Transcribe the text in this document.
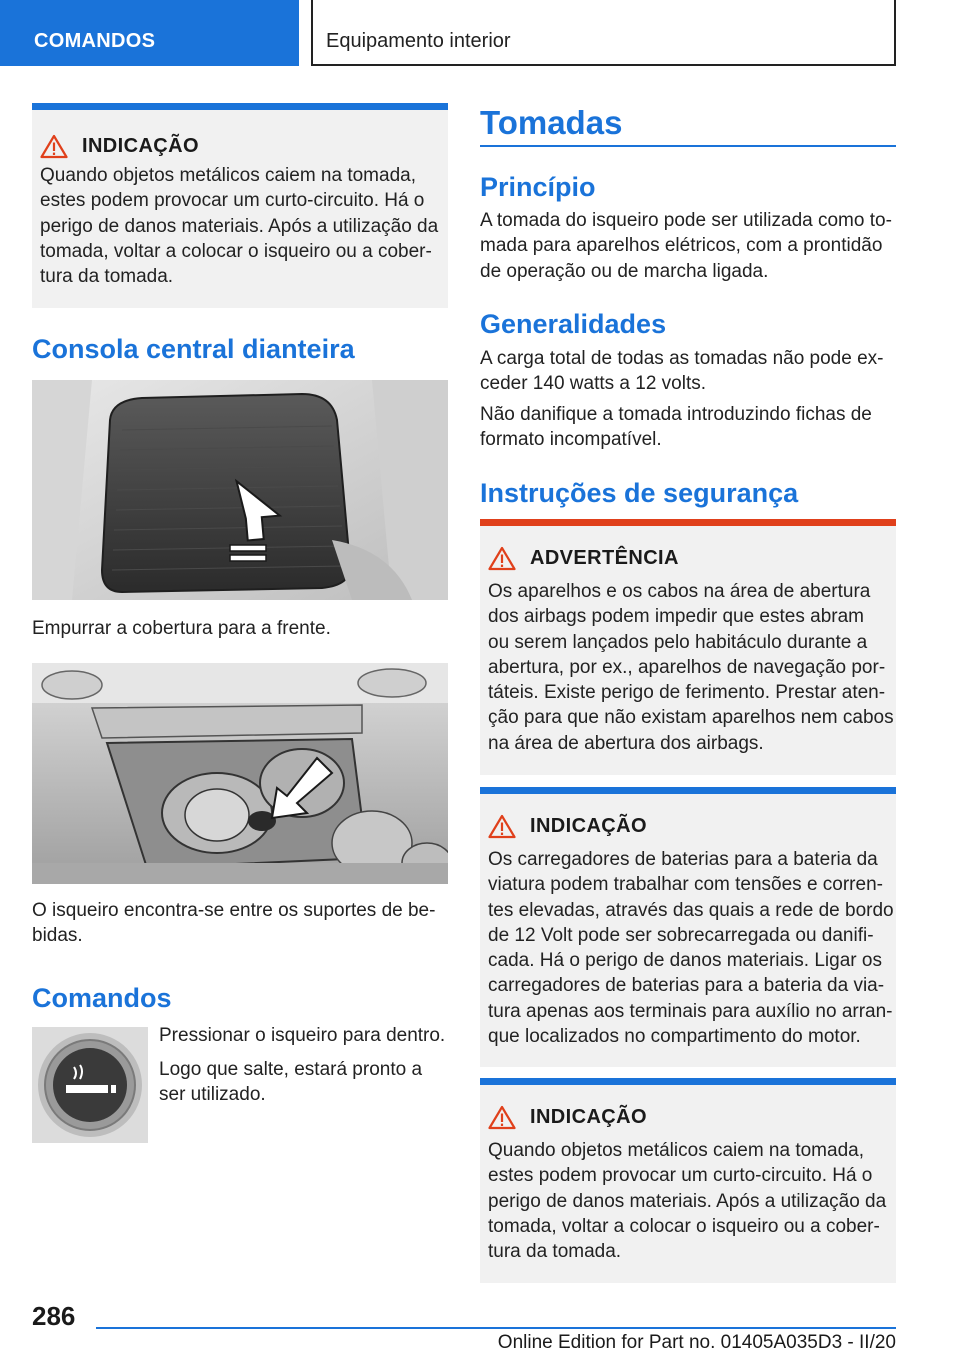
COMANDOS	Equipamento interior
INDICAÇÃO
Quando objetos metálicos caiem na tomada,
estes podem provocar um curto-circuito. Há o
perigo de danos materiais. Após a utilização da
tomada, voltar a colocar o isqueiro ou a cober-
tura da tomada.
Consola central dianteira
Empurrar a cobertura para a frente.
O isqueiro encontra-se entre os suportes de be-
bidas.
Comandos
Pressionar o isqueiro para dentro.
Logo que salte, estará pronto a
ser utilizado.
Tomadas
Princípio
A tomada do isqueiro pode ser utilizada como to-
mada para aparelhos elétricos, com a prontidão
de operação ou de marcha ligada.
Generalidades
A carga total de todas as tomadas não pode ex-
ceder 140 watts a 12 volts.
Não danifique a tomada introduzindo fichas de
formato incompatível.
Instruções de segurança
ADVERTÊNCIA
Os aparelhos e os cabos na área de abertura
dos airbags podem impedir que estes abram
ou serem lançados pelo habitáculo durante a
abertura, por ex., aparelhos de navegação por-
táteis. Existe perigo de ferimento. Prestar aten-
ção para que não existam aparelhos nem cabos
na área de abertura dos airbags.
INDICAÇÃO
Os carregadores de baterias para a bateria da
viatura podem trabalhar com tensões e corren-
tes elevadas, através das quais a rede de bordo
de 12 Volt pode ser sobrecarregada ou danifi-
cada. Há o perigo de danos materiais. Ligar os
carregadores de baterias para a bateria da via-
tura apenas aos terminais para auxílio no arran-
que localizados no compartimento do motor.
INDICAÇÃO
Quando objetos metálicos caiem na tomada,
estes podem provocar um curto-circuito. Há o
perigo de danos materiais. Após a utilização da
tomada, voltar a colocar o isqueiro ou a cober-
tura da tomada.
286
Online Edition for Part no. 01405A035D3 - II/20
